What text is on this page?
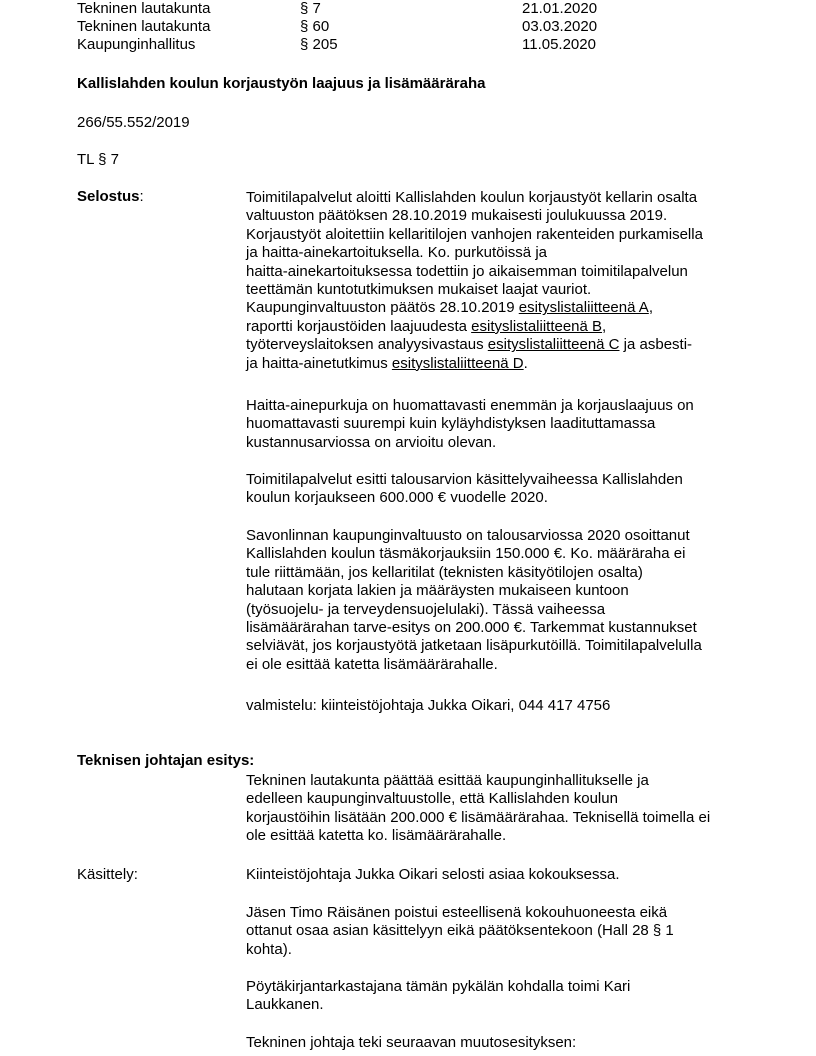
Tekninen lautakunta	§ 7	21.01.2020
Tekninen lautakunta	§ 60	03.03.2020
Kaupunginhallitus	§ 205	11.05.2020
Kallislahden koulun korjaustyön laajuus ja lisämääräraha
266/55.552/2019
TL § 7
Selostus:	Toimitilapalvelut aloitti Kallislahden koulun korjaustyöt kellarin osalta
valtuuston päätöksen 28.10.2019 mukaisesti joulukuussa 2019.
Korjaustyöt aloitettiin kellaritilojen vanhojen rakenteiden purkamisella
ja haitta-ainekartoituksella. Ko. purkutöissä ja
haitta-ainekartoituksessa todettiin jo aikaisemman toimitilapalvelun
teettämän kuntotutkimuksen mukaiset laajat vauriot.
Kaupunginvaltuuston päätös 28.10.2019 esityslistaliitteenä A,
raportti korjaustöiden laajuudesta esityslistaliitteenä B,
työterveyslaitoksen analyysivastaus esityslistaliitteenä C ja asbesti-
ja haitta-ainetutkimus esityslistaliitteenä D.

Haitta-ainepurkuja on huomattavasti enemmän ja korjauslaajuus on
huomattavasti suurempi kuin kyläyhdistyksen laadituttamassa
kustannusarviossa on arvioitu olevan.
Toimitilapalvelut esitti talousarvion käsittelyvaiheessa Kallislahden
koulun korjaukseen 600.000 € vuodelle 2020.
Savonlinnan kaupunginvaltuusto on talousarviossa 2020 osoittanut
Kallislahden koulun täsmäkorjauksiin 150.000 €. Ko. määräraha ei
tule riittämään, jos kellaritilat (teknisten käsityötilojen osalta)
halutaan korjata lakien ja määräysten mukaiseen kuntoon
(työsuojelu- ja terveydensuojelulaki). Tässä vaiheessa
lisämäärärahan tarve-esitys on 200.000 €. Tarkemmat kustannukset
selviävät, jos korjaustyötä jatketaan lisäpurkutöillä. Toimitilapalvelulla
ei ole esittää katetta lisämäärärahalle.
valmistelu: kiinteistöjohtaja Jukka Oikari, 044 417 4756
Teknisen johtajan esitys:
Tekninen lautakunta päättää esittää kaupunginhallitukselle ja
edelleen kaupunginvaltuustolle, että Kallislahden koulun
korjaustöihin lisätään 200.000 € lisämäärärahaa. Teknisellä toimella ei
ole esittää katetta ko. lisämäärärahalle.
Käsittely:	Kiinteistöjohtaja Jukka Oikari selosti asiaa kokouksessa.
Jäsen Timo Räisänen poistui esteellisenä kokouhuoneesta eikä
ottanut osaa asian käsittelyyn eikä päätöksentekoon (Hall 28 § 1
kohta).
Pöytäkirjantarkastajana tämän pykälän kohdalla toimi Kari
Laukkanen.
Tekninen johtaja teki seuraavan muutosesityksen:
